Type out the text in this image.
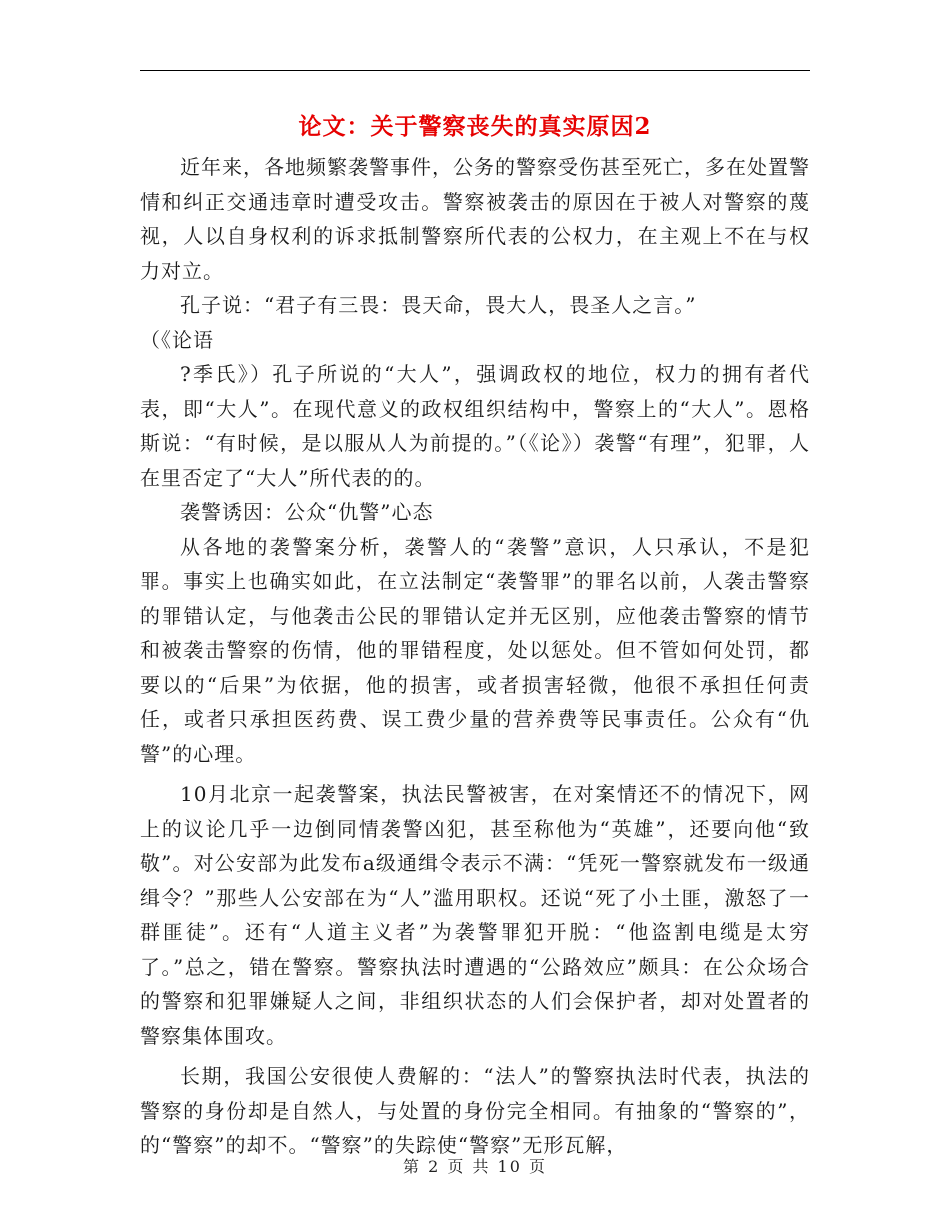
论文：关于警察丧失的真实原因2

近年来，各地频繁袭警事件，公务的警察受伤甚至死亡，多在处置警情和纠正交通违章时遭受攻击。警察被袭击的原因在于被人对警察的蔑视，人以自身权利的诉求抵制警察所代表的公权力，在主观上不在与权力对立。

孔子说：“君子有三畏：畏天命，畏大人，畏圣人之言。”

（《论语

?季氏》）孔子所说的“大人”，强调政权的地位，权力的拥有者代表，即“大人”。在现代意义的政权组织结构中，警察上的“大人”。恩格斯说：“有时候，是以服从人为前提的。”（《论》）袭警“有理”，犯罪，人在里否定了“大人”所代表的的。

袭警诱因：公众“仇警”心态

从各地的袭警案分析，袭警人的“袭警”意识，人只承认，不是犯罪。事实上也确实如此，在立法制定“袭警罪”的罪名以前，人袭击警察的罪错认定，与他袭击公民的罪错认定并无区别，应他袭击警察的情节和被袭击警察的伤情，他的罪错程度，处以惩处。但不管如何处罚，都要以的“后果”为依据，他的损害，或者损害轻微，他很不承担任何责任，或者只承担医药费、误工费少量的营养费等民事责任。公众有“仇警”的心理。

10月北京一起袭警案，执法民警被害，在对案情还不的情况下，网上的议论几乎一边倒同情袭警凶犯，甚至称他为“英雄”，还要向他“致敬”。对公安部为此发布a级通缉令表示不满：“凭死一警察就发布一级通缉令？”那些人公安部在为“人”滥用职权。还说“死了小土匪，激怒了一群匪徒”。还有“人道主义者”为袭警罪犯开脱：“他盗割电缆是太穷了。”总之，错在警察。警察执法时遭遇的“公路效应”颇具：在公众场合的警察和犯罪嫌疑人之间，非组织状态的人们会保护者，却对处置者的警察集体围攻。

长期，我国公安很使人费解的：“法人”的警察执法时代表，执法的警察的身份却是自然人，与处置的身份完全相同。有抽象的“警察的”，的“警察”的却不。“警察”的失踪使“警察”无形瓦解，

第 2 页 共 10 页
